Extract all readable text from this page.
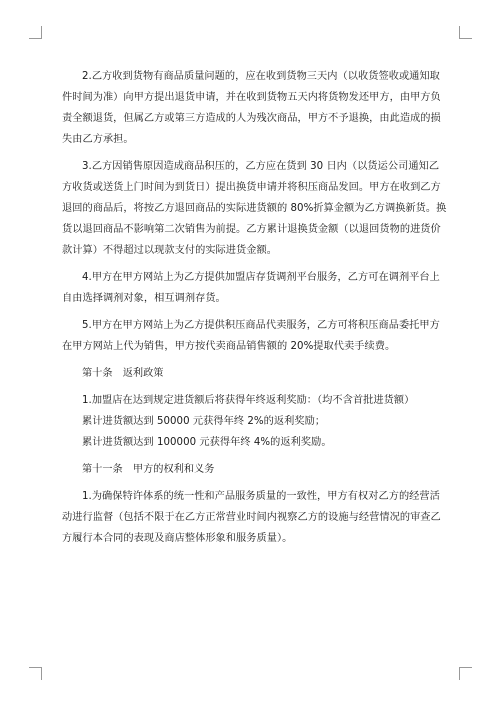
2.乙方收到货物有商品质量问题的，应在收到货物三天内（以收货签收或通知取
件时间为准）向甲方提出退货申请，并在收到货物五天内将货物发还甲方，由甲方负
责全额退货，但属乙方或第三方造成的人为残次商品，甲方不予退换，由此造成的损
失由乙方承担。
3.乙方因销售原因造成商品积压的，乙方应在货到 30 日内（以货运公司通知乙
方收货或送货上门时间为到货日）提出换货申请并将积压商品发回。甲方在收到乙方
退回的商品后，将按乙方退回商品的实际进货额的 80%折算金额为乙方调换新货。换
货以退回商品不影响第二次销售为前提。乙方累计退换货金额（以退回货物的进货价
款计算）不得超过以现款支付的实际进货金额。
4.甲方在甲方网站上为乙方提供加盟店存货调剂平台服务，乙方可在调剂平台上
自由选择调剂对象，相互调剂存货。
5.甲方在甲方网站上为乙方提供积压商品代卖服务，乙方可将积压商品委托甲方
在甲方网站上代为销售，甲方按代卖商品销售额的 20%提取代卖手续费。
第十条　返利政策
1.加盟店在达到规定进货额后将获得年终返利奖励：（均不含首批进货额）
累计进货额达到 50000 元获得年终 2%的返利奖励；
累计进货额达到 100000 元获得年终 4%的返利奖励。
第十一条　甲方的权利和义务
1.为确保特许体系的统一性和产品服务质量的一致性，甲方有权对乙方的经营活
动进行监督（包括不限于在乙方正常营业时间内视察乙方的设施与经营情况的审查乙
方履行本合同的表现及商店整体形象和服务质量）。
